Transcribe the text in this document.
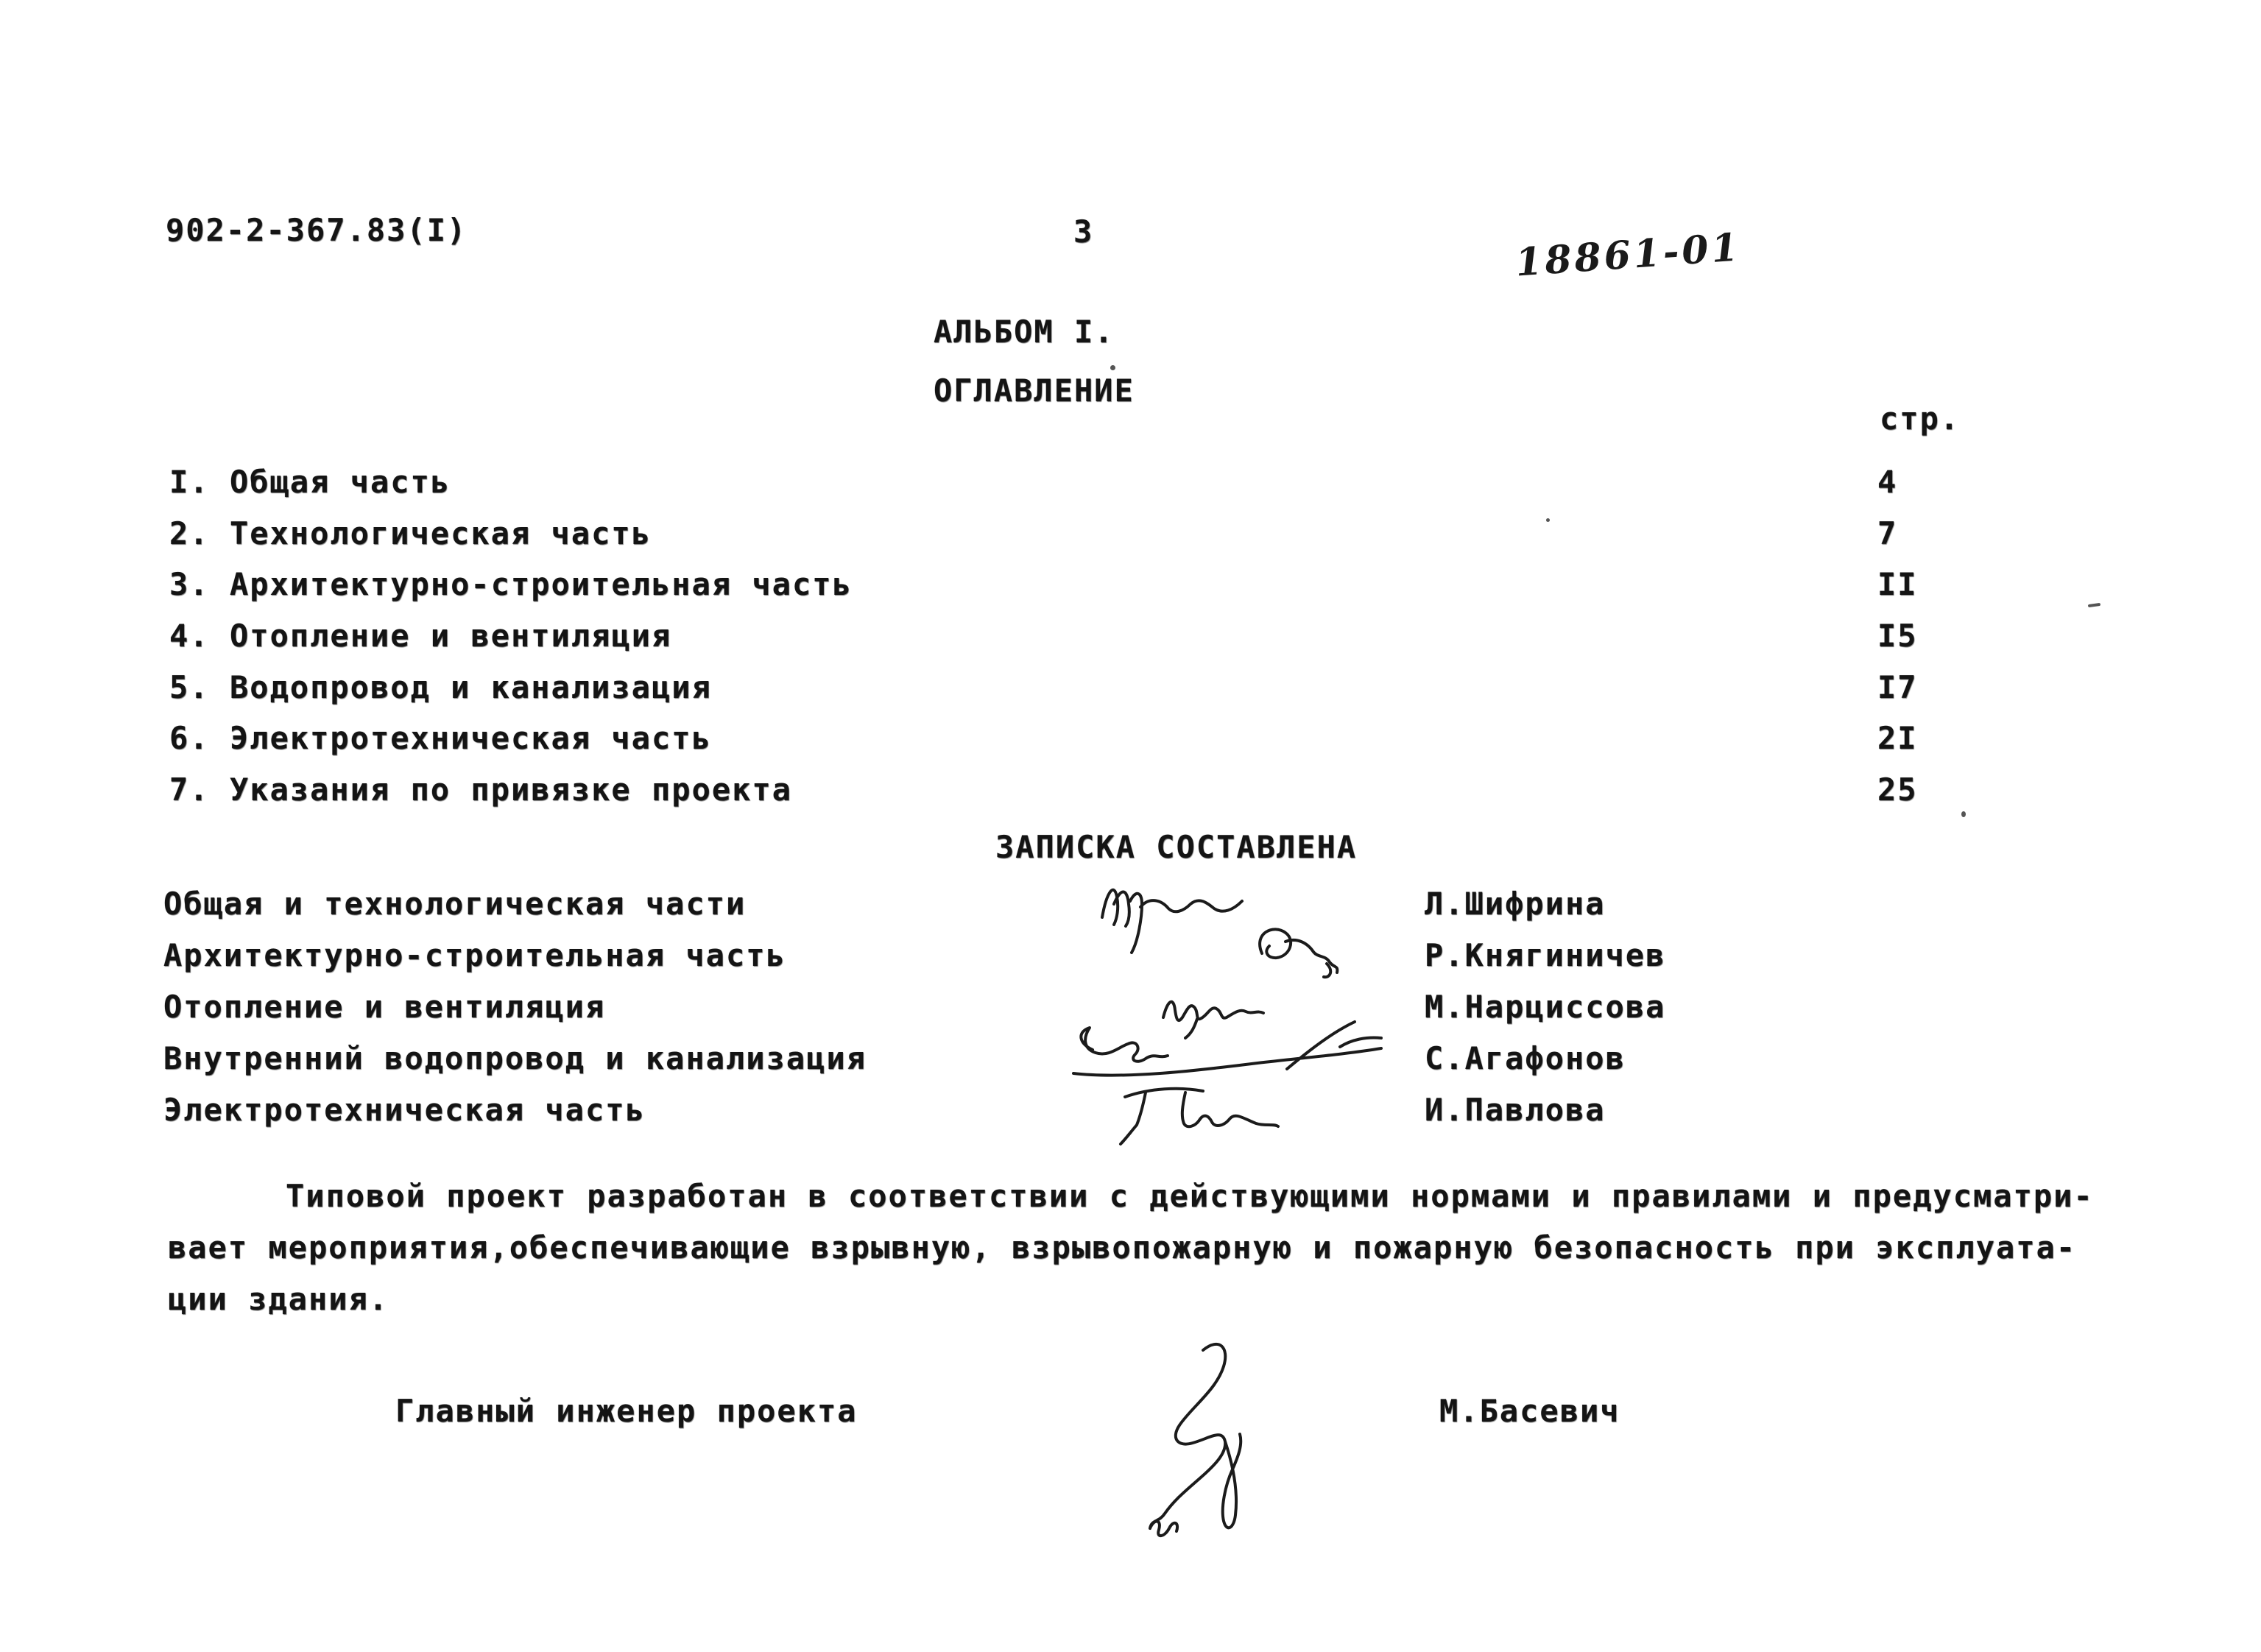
902-2-367.83(I)	3	18861-01
АЛЬБОМ I.
ОГЛАВЛЕНИЕ
стр.
I. Общая часть	4
2. Технологическая часть	7
3. Архитектурно-строительная часть	II
4. Отопление и вентиляция	I5
5. Водопровод и канализация	I7
6. Электротехническая часть	2I
7. Указания по привязке проекта	25
ЗАПИСКА СОСТАВЛЕНА
Общая и технологическая части	Л.Шифрина
Архитектурно-строительная часть	Р.Княгиничев
Отопление и вентиляция	М.Нарциссова
Внутренний водопровод и канализация	С.Агафонов
Электротехническая часть	И.Павлова
Типовой проект разработан в соответствии с действующими нормами и правилами и предусматри-
вает мероприятия,обеспечивающие взрывную, взрывопожарную и пожарную безопасность при эксплуата-
ции здания.
Главный инженер проекта	М.Басевич
